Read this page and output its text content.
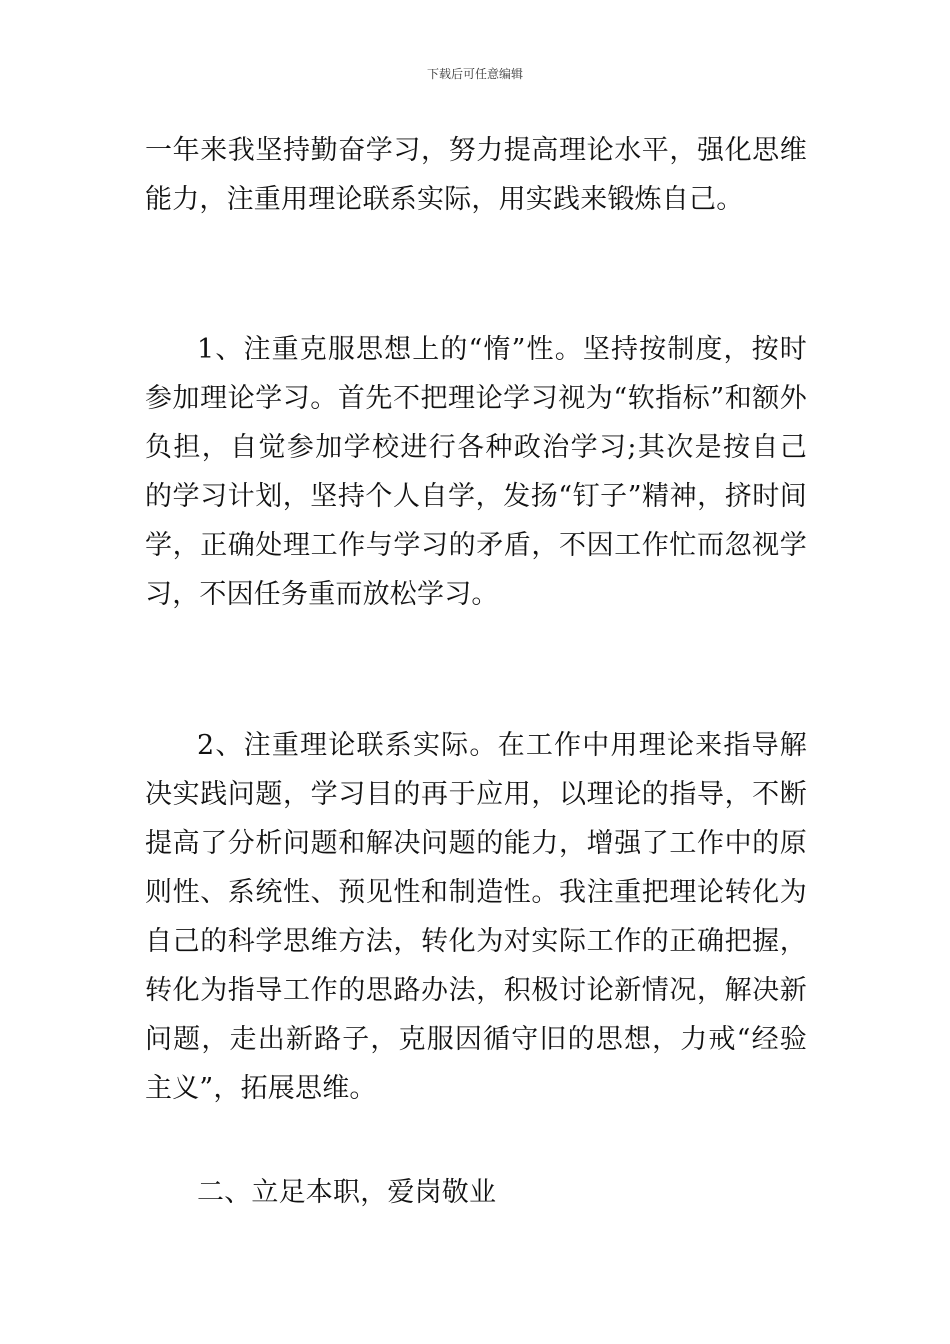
下载后可任意编辑

一年来我坚持勤奋学习，努力提高理论水平，强化思维能力，注重用理论联系实际，用实践来锻炼自己。

1、注重克服思想上的“惰”性。坚持按制度，按时参加理论学习。首先不把理论学习视为“软指标”和额外负担，自觉参加学校进行各种政治学习;其次是按自己的学习计划，坚持个人自学，发扬“钉子”精神，挤时间学，正确处理工作与学习的矛盾，不因工作忙而忽视学习，不因任务重而放松学习。

2、注重理论联系实际。在工作中用理论来指导解决实践问题，学习目的再于应用，以理论的指导，不断提高了分析问题和解决问题的能力，增强了工作中的原则性、系统性、预见性和制造性。我注重把理论转化为自己的科学思维方法，转化为对实际工作的正确把握，转化为指导工作的思路办法，积极讨论新情况，解决新问题，走出新路子，克服因循守旧的思想，力戒“经验主义”，拓展思维。

二、立足本职，爱岗敬业
